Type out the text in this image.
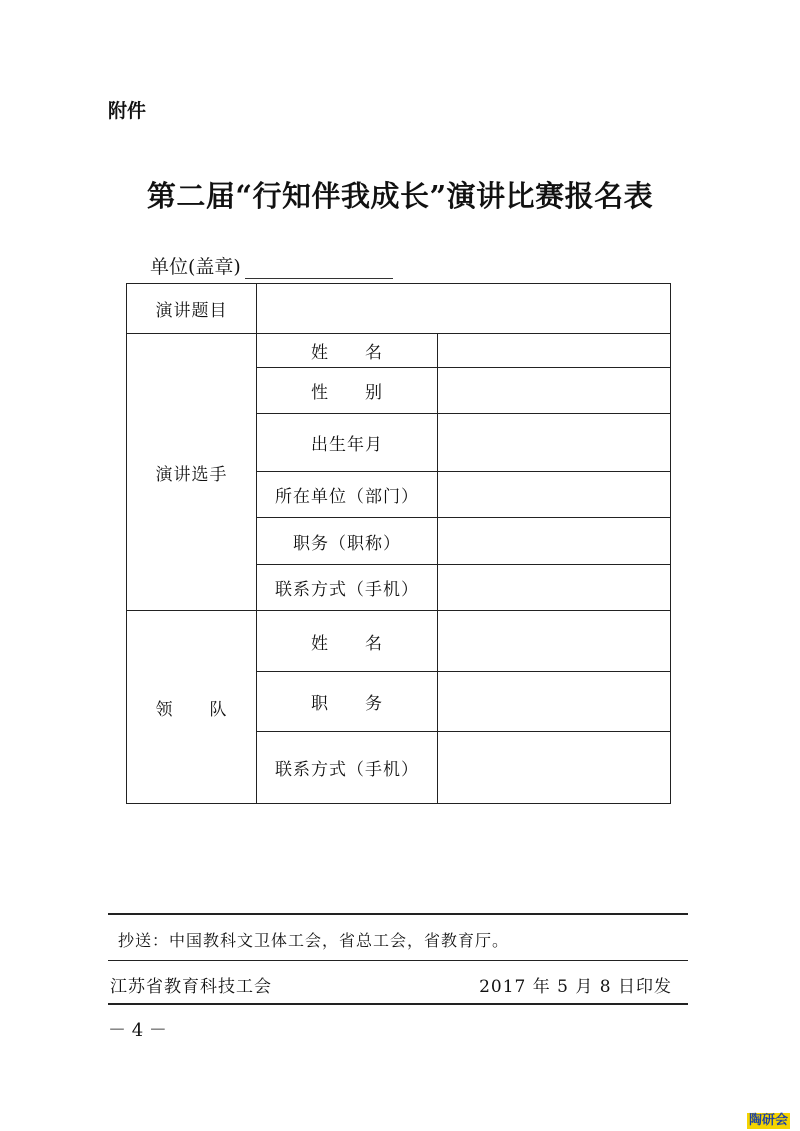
附件
第二届“行知伴我成长”演讲比赛报名表
单位(盖章)
演讲题目		
演讲选手	姓　　名	
	性　　别	
	出生年月	
	所在单位（部门）	
	职务（职称）	
	联系方式（手机）	
领　　队	姓　　名	
	职　　务	
	联系方式（手机）	
抄送：中国教科文卫体工会，省总工会，省教育厅。
江苏省教育科技工会	2017 年 5 月 8 日印发
－ 4 －
陶研会
